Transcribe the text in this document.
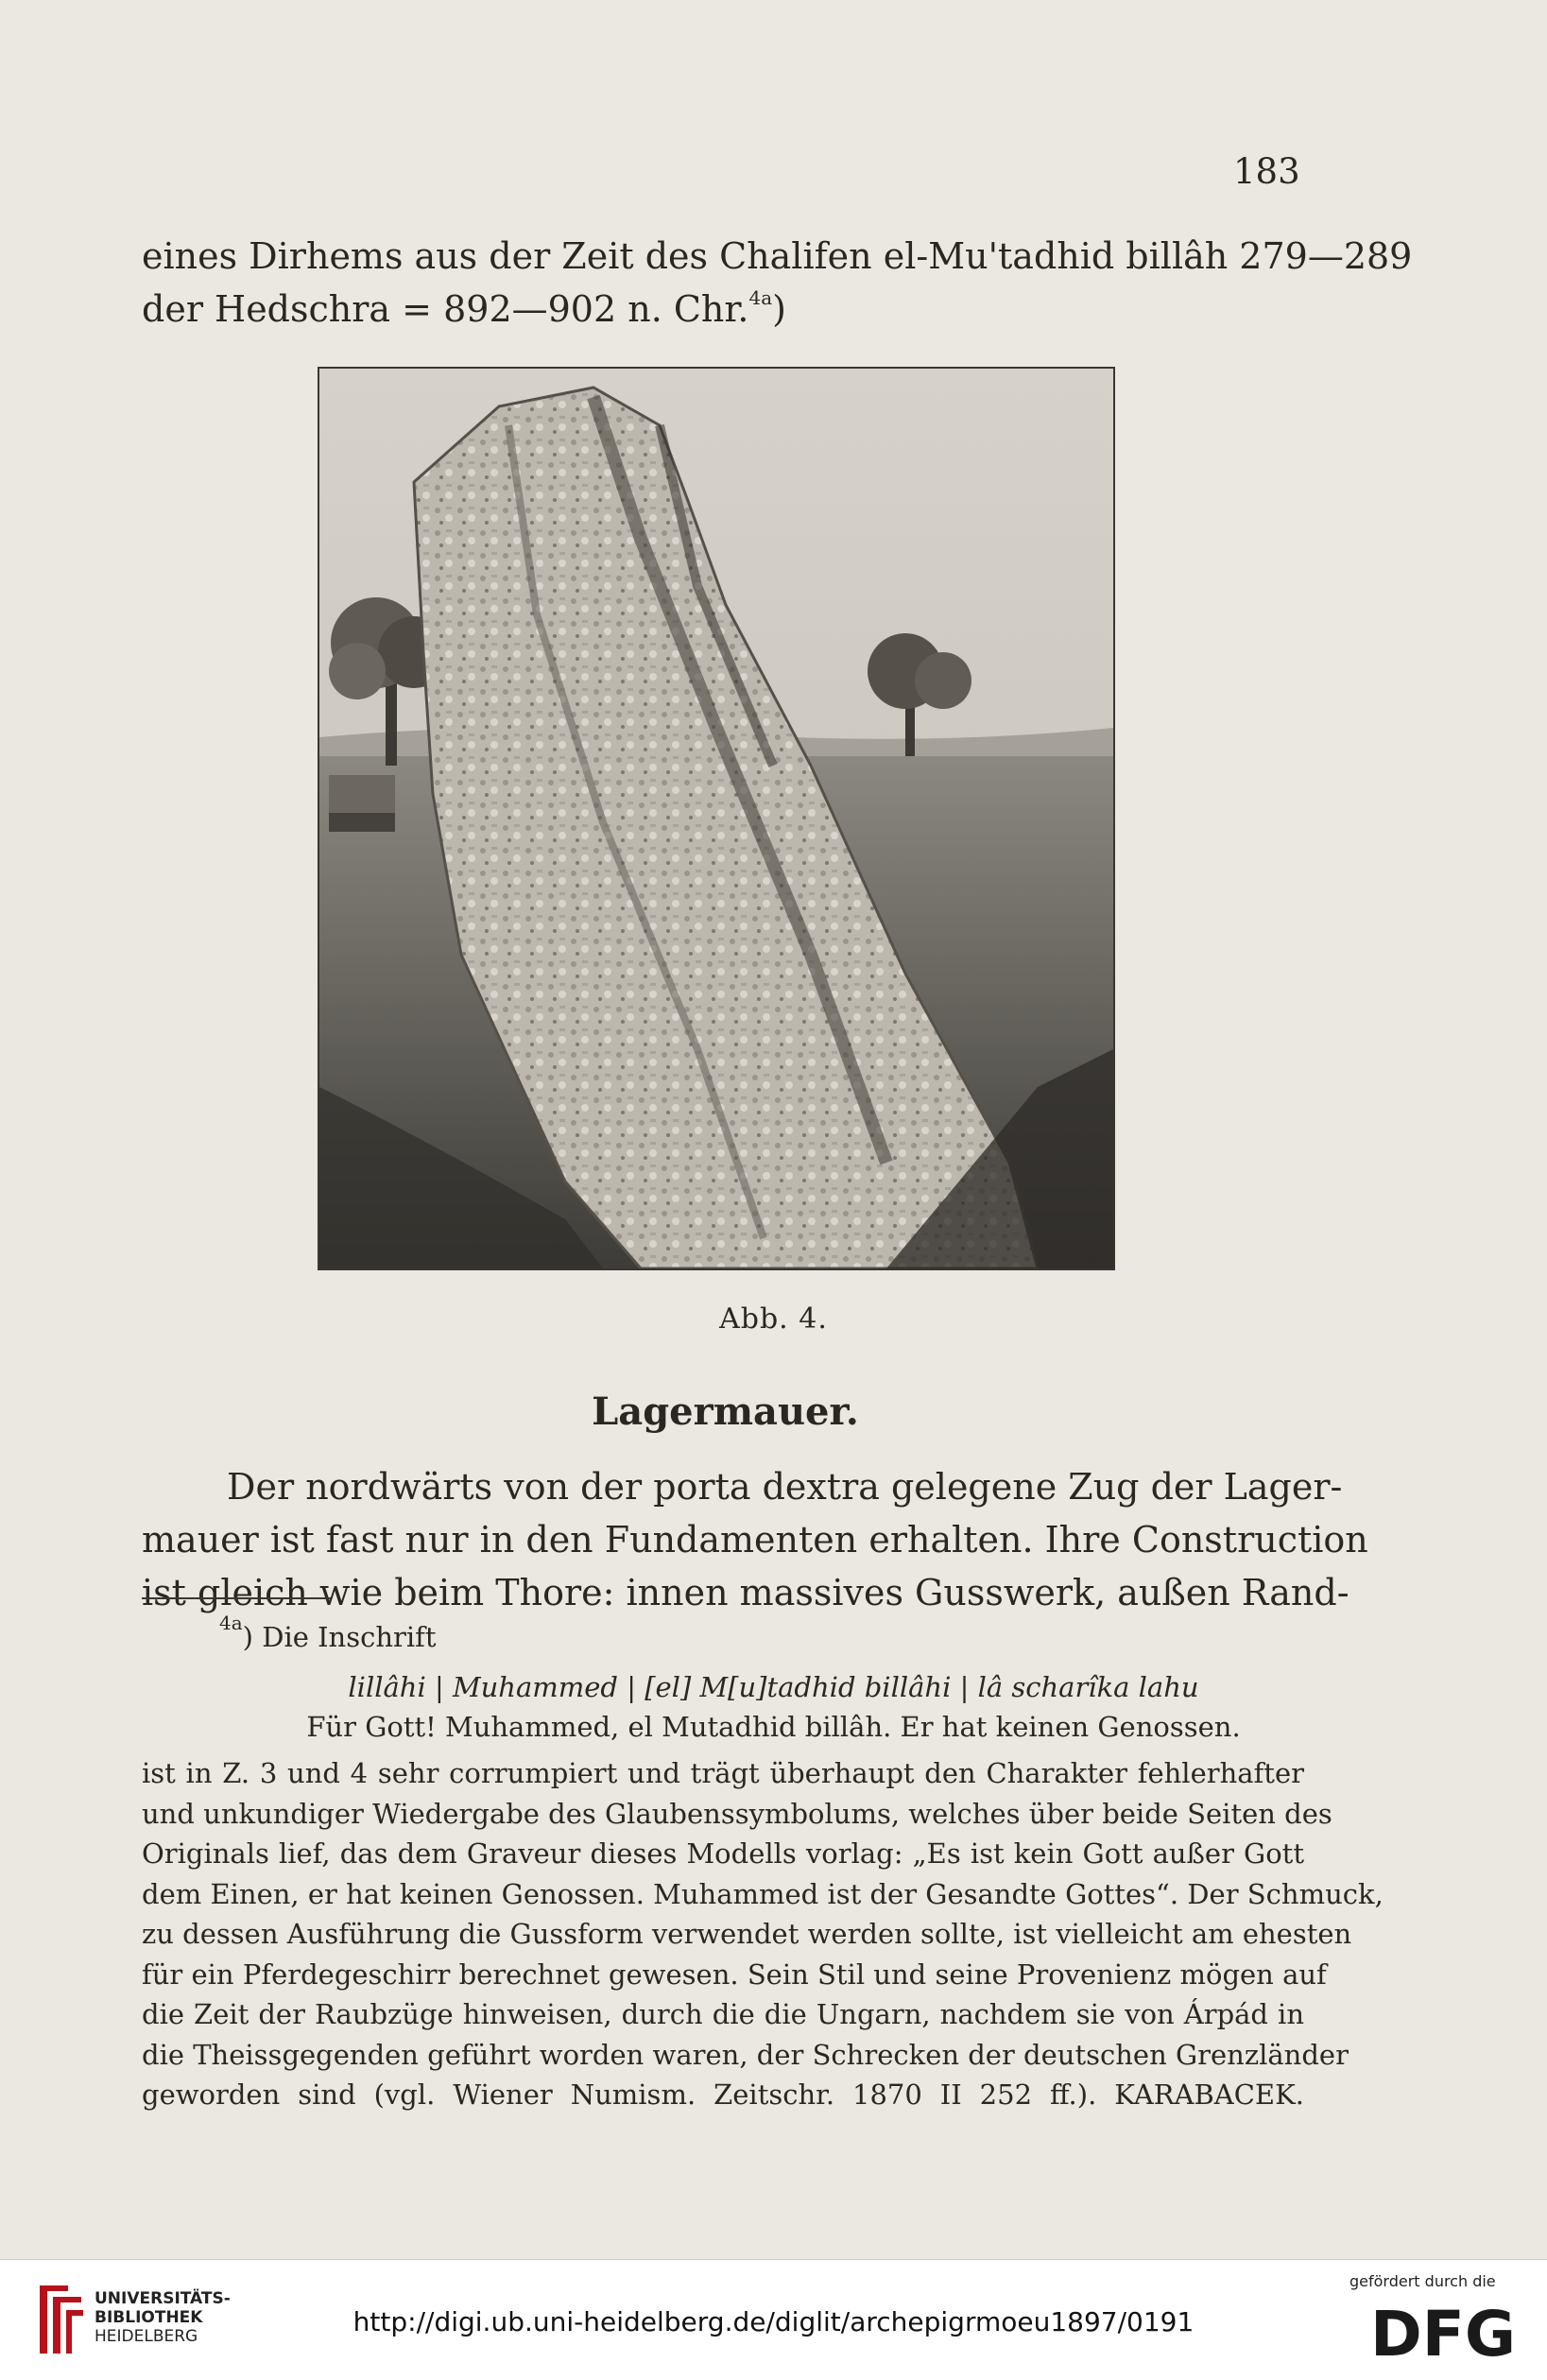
183
eines Dirhems aus der Zeit des Chalifen el-Mu'tadhid billâh 279—289
der Hedschra = 892—902 n. Chr.$^{4a}$)
Abb. 4.
Lagermauer.
Der nordwärts von der porta dextra gelegene Zug der Lager-
mauer ist fast nur in den Fundamenten erhalten. Ihre Construction
ist gleich wie beim Thore: innen massives Gusswerk, außen Rand-
$^{4a}$) Die Inschrift
lillâhi | Muhammed | [el] M[u]tadhid billâhi | lâ scharîka lahu
Für Gott! Muhammed, el Mutadhid billâh. Er hat keinen Genossen.
ist in Z. 3 und 4 sehr corrumpiert und trägt überhaupt den Charakter fehlerhafter
und unkundiger Wiedergabe des Glaubenssymbolums, welches über beide Seiten des
Originals lief, das dem Graveur dieses Modells vorlag: „Es ist kein Gott außer Gott
dem Einen, er hat keinen Genossen. Muhammed ist der Gesandte Gottes“. Der Schmuck,
zu dessen Ausführung die Gussform verwendet werden sollte, ist vielleicht am ehesten
für ein Pferdegeschirr berechnet gewesen. Sein Stil und seine Provenienz mögen auf
die Zeit der Raubzüge hinweisen, durch die die Ungarn, nachdem sie von Árpád in
die Theissgegenden geführt worden waren, der Schrecken der deutschen Grenzländer
geworden sind (vgl. Wiener Numism. Zeitschr. 1870 II 252 ff.). KARABACEK.
UNIVERSITÄTS-
BIBLIOTHEK
HEIDELBERG	http://digi.ub.uni-heidelberg.de/diglit/archepigrmoeu1897/0191
gefördert durch die
DFG
